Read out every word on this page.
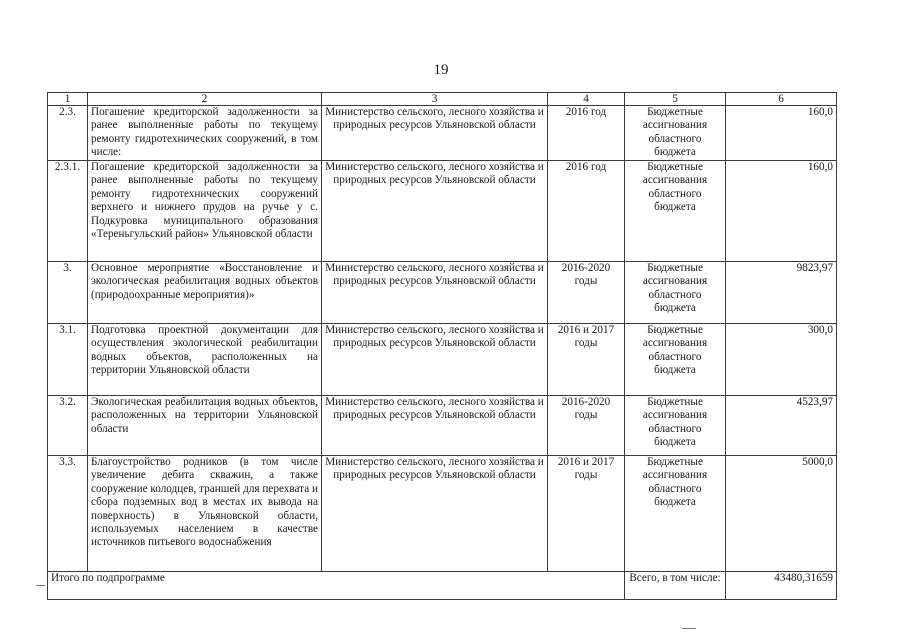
19
1	2	3	4	5	6
2.3.	Погашение кредиторской задолженности за ранее выполненные работы по текущему ремонту гидротехнических сооружений, в том числе:	Министерство сельского, лесного хозяйства и природных ресурсов Ульяновской области	2016 год	Бюджетные ассигнования областного бюджета	160,0
2.3.1.	Погашение кредиторской задолженности за ранее выполненные работы по текущему ремонту гидротехнических сооружений верхнего и нижнего прудов на ручье у с. Подкуровка муниципального образования «Тереньгульский район» Ульяновской области	Министерство сельского, лесного хозяйства и природных ресурсов Ульяновской области	2016 год	Бюджетные ассигнования областного бюджета	160,0
3.	Основное мероприятие «Восстановление и экологическая реабилитация водных объектов (природоохранные мероприятия)»	Министерство сельского, лесного хозяйства и природных ресурсов Ульяновской области	2016-2020 годы	Бюджетные ассигнования областного бюджета	9823,97
3.1.	Подготовка проектной документации для осуществления экологической реабилитации водных объектов, расположенных на территории Ульяновской области	Министерство сельского, лесного хозяйства и природных ресурсов Ульяновской области	2016 и 2017 годы	Бюджетные ассигнования областного бюджета	300,0
3.2.	Экологическая реабилитация водных объектов, расположенных на территории Ульяновской области	Министерство сельского, лесного хозяйства и природных ресурсов Ульяновской области	2016-2020 годы	Бюджетные ассигнования областного бюджета	4523,97
3.3.	Благоустройство родников (в том числе увеличение дебита скважин, а также сооружение колодцев, траншей для перехвата и сбора подземных вод в местах их вывода на поверхность) в Ульяновской области, используемых населением в качестве источников питьевого водоснабжения	Министерство сельского, лесного хозяйства и природных ресурсов Ульяновской области	2016 и 2017 годы	Бюджетные ассигнования областного бюджета	5000,0
Итого по подпрограмме				Всего, в том числе:	43480,31659
